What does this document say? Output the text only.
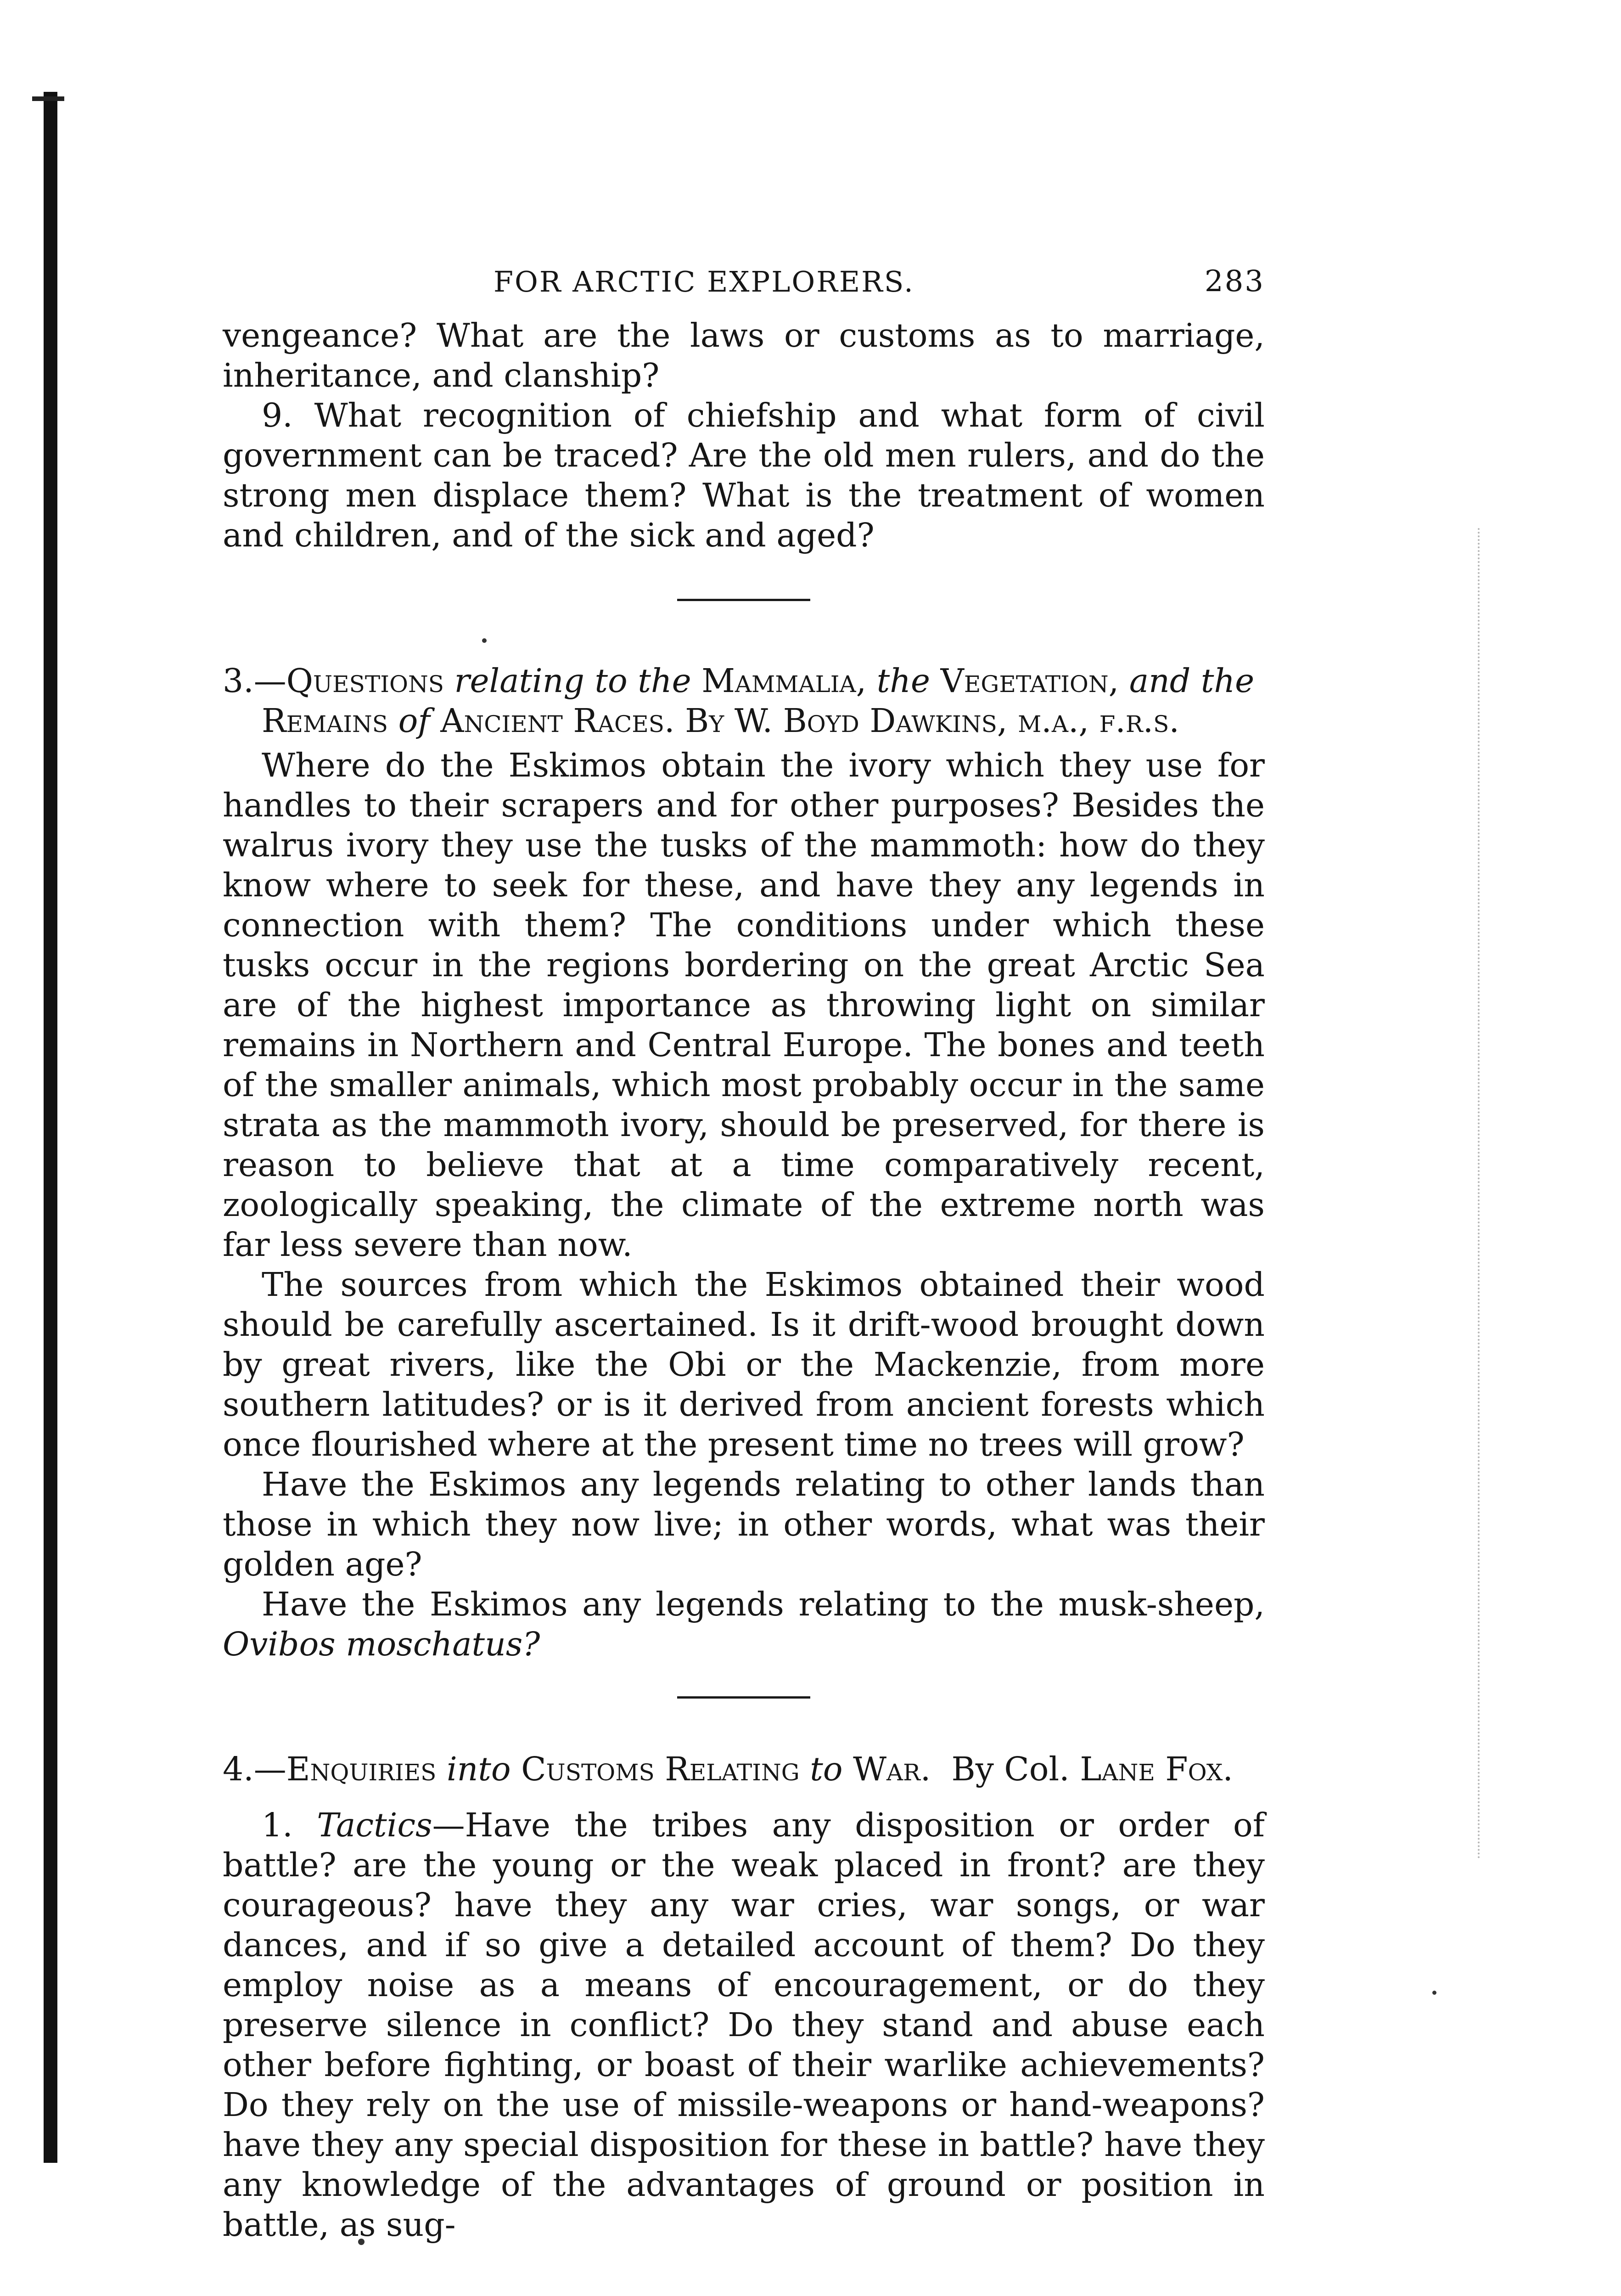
FOR ARCTIC EXPLORERS.	283

vengeance? What are the laws or customs as to marriage, inheritance, and clanship?

9. What recognition of chiefship and what form of civil government can be traced? Are the old men rulers, and do the strong men displace them? What is the treatment of women and children, and of the sick and aged?

3.—Questions relating to the Mammalia, the Vegetation, and the Remains of Ancient Races. By W. Boyd Dawkins, m.a., f.r.s.

Where do the Eskimos obtain the ivory which they use for handles to their scrapers and for other purposes? Besides the walrus ivory they use the tusks of the mammoth: how do they know where to seek for these, and have they any legends in connection with them? The conditions under which these tusks occur in the regions bordering on the great Arctic Sea are of the highest importance as throwing light on similar remains in Northern and Central Europe. The bones and teeth of the smaller animals, which most probably occur in the same strata as the mammoth ivory, should be preserved, for there is reason to believe that at a time comparatively recent, zoologically speaking, the climate of the extreme north was far less severe than now.

The sources from which the Eskimos obtained their wood should be carefully ascertained. Is it drift-wood brought down by great rivers, like the Obi or the Mackenzie, from more southern latitudes? or is it derived from ancient forests which once flourished where at the present time no trees will grow?

Have the Eskimos any legends relating to other lands than those in which they now live; in other words, what was their golden age?

Have the Eskimos any legends relating to the musk-sheep, Ovibos moschatus?

4.—Enquiries into Customs Relating to War. By Col. Lane Fox.

1. Tactics—Have the tribes any disposition or order of battle? are the young or the weak placed in front? are they courageous? have they any war cries, war songs, or war dances, and if so give a detailed account of them? Do they employ noise as a means of encouragement, or do they preserve silence in conflict? Do they stand and abuse each other before fighting, or boast of their warlike achievements? Do they rely on the use of missile-weapons or hand-weapons? have they any special disposition for these in battle? have they any knowledge of the advantages of ground or position in battle, as sug-
